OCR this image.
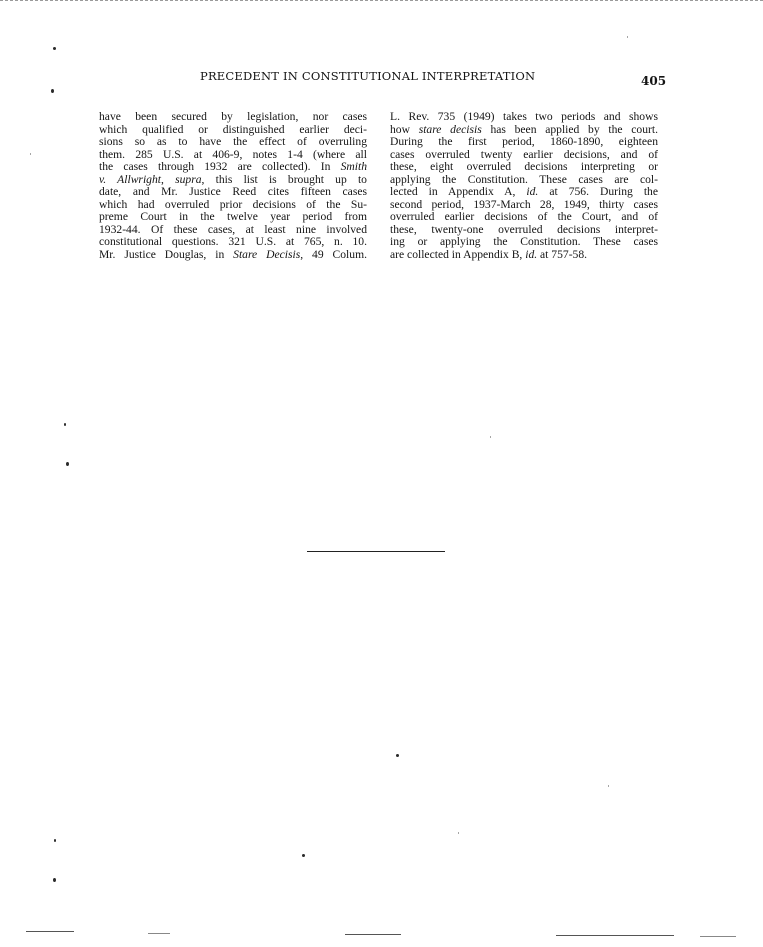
PRECEDENT IN CONSTITUTIONAL INTERPRETATION	405
have been secured by legislation, nor cases
which qualified or distinguished earlier deci-
sions so as to have the effect of overruling
them. 285 U.S. at 406-9, notes 1-4 (where all
the cases through 1932 are collected). In Smith
v. Allwright, supra, this list is brought up to
date, and Mr. Justice Reed cites fifteen cases
which had overruled prior decisions of the Su-
preme Court in the twelve year period from
1932-44. Of these cases, at least nine involved
constitutional questions. 321 U.S. at 765, n. 10.
Mr. Justice Douglas, in Stare Decisis, 49 Colum.
L. Rev. 735 (1949) takes two periods and shows
how stare decisis has been applied by the court.
During the first period, 1860-1890, eighteen
cases overruled twenty earlier decisions, and of
these, eight overruled decisions interpreting or
applying the Constitution. These cases are col-
lected in Appendix A, id. at 756. During the
second period, 1937-March 28, 1949, thirty cases
overruled earlier decisions of the Court, and of
these, twenty-one overruled decisions interpret-
ing or applying the Constitution. These cases
are collected in Appendix B, id. at 757-58.
